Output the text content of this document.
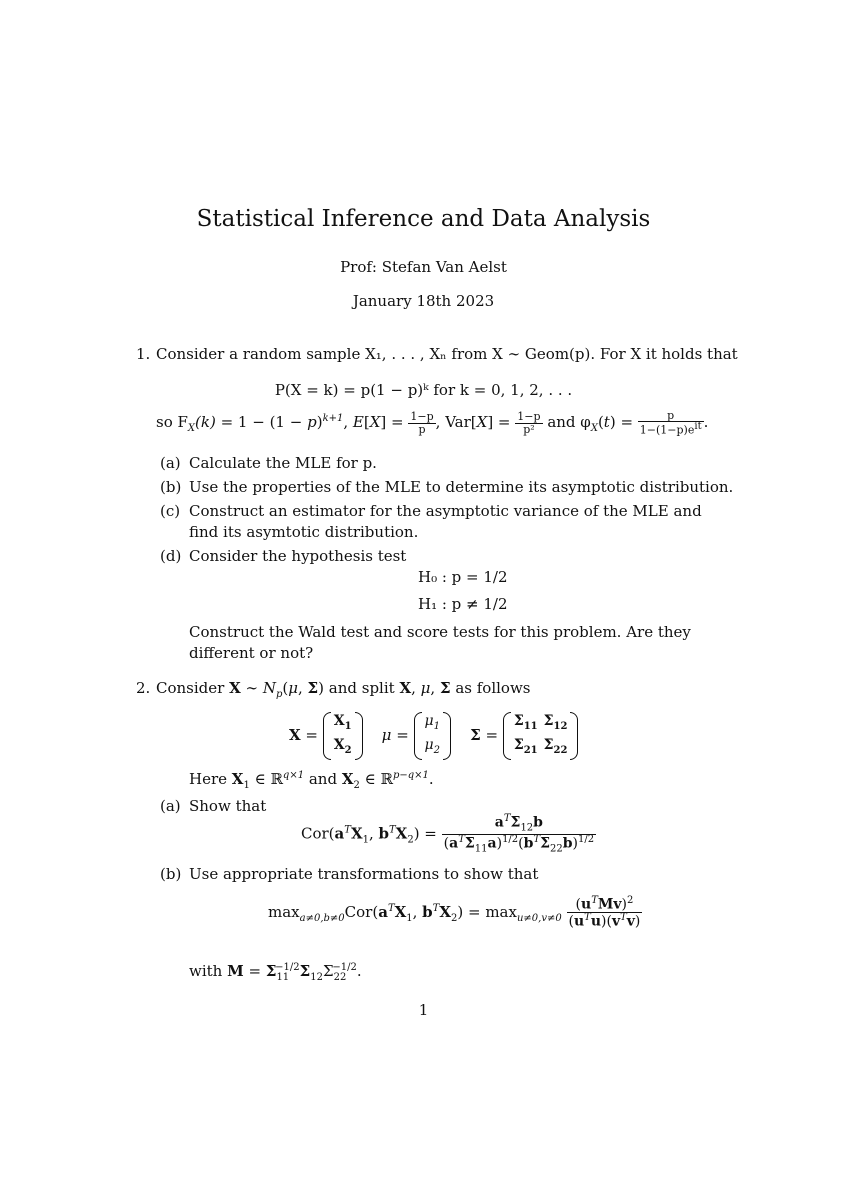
Statistical Inference and Data Analysis
Prof: Stefan Van Aelst
January 18th 2023
1. Consider a random sample X₁, . . . , Xₙ from X ∼ Geom(p). For X it holds that
P(X = k) = p(1 − p)ᵏ for k = 0, 1, 2, . . .
so $F_X(k) = 1 - (1 - p)^{k+1}$, $E[X] = \frac{1-p}{p}$ , $Var[X] = \frac{1-p}{\text{p²}}$ and $\varphi_X(t) = \frac{p}{1-(1-p)e^{it}}$ .
(a) Calculate the MLE for p.
(b) Use the properties of the MLE to determine its asymptotic distribution.
(c) Construct an estimator for the asymptotic variance of the MLE and find its asymtotic distribution.
(d) Consider the hypothesis test
H₀ : p = 1/2
H₁ : p ≠ 1/2
Construct the Wald test and score tests for this problem. Are they different or not?
2. Consider X ∼ $N_p(\mu$, Σ) and split X, μ, Σ as follows
X =
$X_1$
$X_2$
μ =
$\mu_1$
$\mu_2$
Σ =
$\Sigma_{11}$	$\Sigma_{12}$
$\Sigma_{21}$	$\Sigma_{22}$
Here $X_1$ ∈ ℝ$^{q\times 1}$ and $X_2$ ∈ ℝ$^{p-q\times 1}$.
(a) Show that
$Cor(a^TX_1$, $b^TX_2) = \frac{a^T\Sigma_{12}b}{(a^T\Sigma_{11}a)^{1/2}(b^T\Sigma_{22}b)^{1/2}}$
(b) Use appropriate transformations to show that
$\max_{a\ne 0,b\ne 0}Cor(a^TX_1$, $b^TX_2) = \max_{u\ne 0,v\ne 0} \frac{(u^TMv)^2}{(u^Tu)(v^Tv)}$
with $M = \Sigma_{11}^{-1/2}\Sigma_{12}\Sigma_{22}^{-1/2}$.
1
